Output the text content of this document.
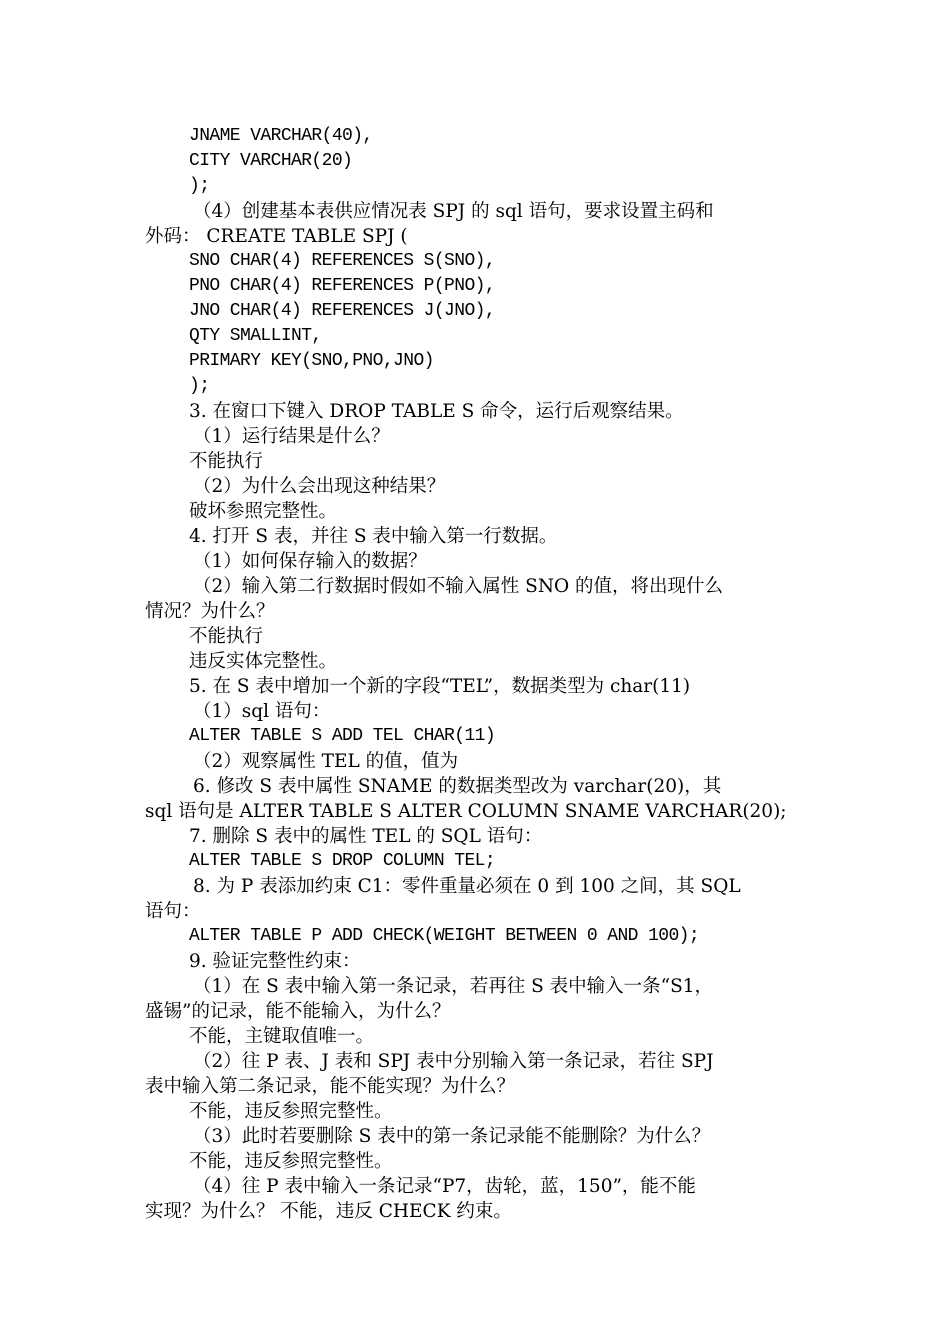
JNAME VARCHAR(40),
CITY VARCHAR(20)
);
（4）创建基本表供应情况表 SPJ 的 sql 语句，要求设置主码和
外码： CREATE TABLE SPJ (
SNO CHAR(4) REFERENCES S(SNO),
PNO CHAR(4) REFERENCES P(PNO),
JNO CHAR(4) REFERENCES J(JNO),
QTY SMALLINT,
PRIMARY KEY(SNO,PNO,JNO)
);
3. 在窗口下键入 DROP TABLE S 命令，运行后观察结果。
（1）运行结果是什么？
不能执行
（2）为什么会出现这种结果？
破坏参照完整性。
4. 打开 S 表，并往 S 表中输入第一行数据。
（1）如何保存输入的数据？
（2）输入第二行数据时假如不输入属性 SNO 的值，将出现什么
情况？为什么？
不能执行
违反实体完整性。
5. 在 S 表中增加一个新的字段“TEL”，数据类型为 char(11)
（1）sql 语句：
ALTER TABLE S ADD TEL CHAR(11)
（2）观察属性 TEL 的值，值为
6. 修改 S 表中属性 SNAME 的数据类型改为 varchar(20)，其
sql 语句是 ALTER TABLE S ALTER COLUMN SNAME VARCHAR(20);
7. 删除 S 表中的属性 TEL 的 SQL 语句：
ALTER TABLE S DROP COLUMN TEL;
8. 为 P 表添加约束 C1：零件重量必须在 0 到 100 之间，其 SQL
语句：
ALTER TABLE P ADD CHECK(WEIGHT BETWEEN 0 AND 100);
9. 验证完整性约束：
（1）在 S 表中输入第一条记录，若再往 S 表中输入一条“S1，
盛锡”的记录，能不能输入，为什么？
不能，主键取值唯一。
（2）往 P 表、J 表和 SPJ 表中分别输入第一条记录，若往 SPJ
表中输入第二条记录，能不能实现？为什么？
不能，违反参照完整性。
（3）此时若要删除 S 表中的第一条记录能不能删除？为什么？
不能，违反参照完整性。
（4）往 P 表中输入一条记录“P7，齿轮，蓝，150”，能不能
实现？为什么？ 不能，违反 CHECK 约束。
